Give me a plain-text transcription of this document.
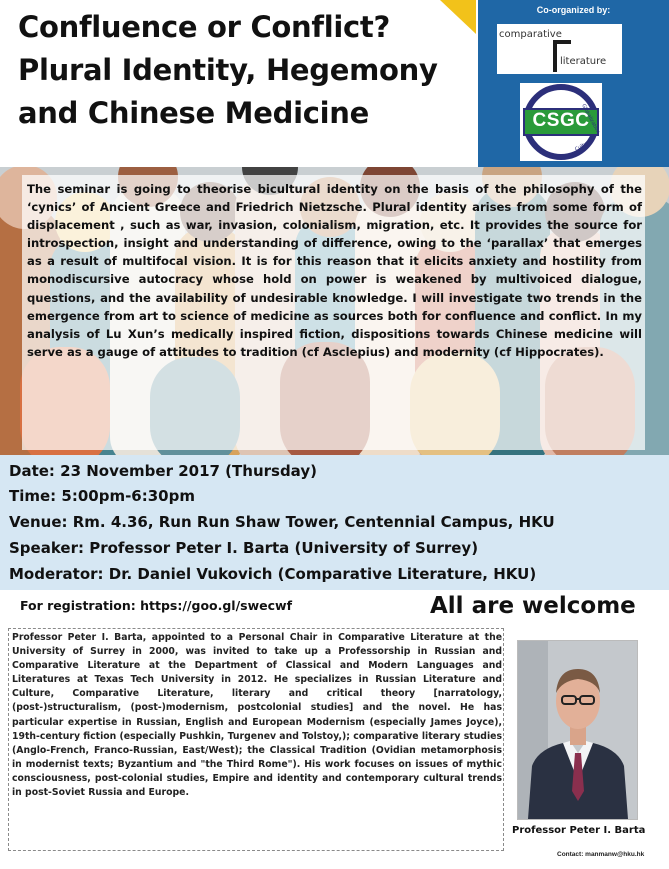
Confluence or Conflict?
Plural Identity, Hegemony
and Chinese Medicine
Co-organized by:
comparative
literature
Globalization
Cultures
CSGC
The seminar is going to theorise bicultural identity on the basis of the philosophy of the ‘cynics’ of Ancient Greece and Friedrich Nietzsche. Plural identity arises from some form of displacement , such as war, invasion, colonialism, migration, etc. It provides the source for introspection, insight and understanding of difference, owing to the ‘parallax’ that emerges as a result of multifocal vision. It is for this reason that it elicits anxiety and hostility from monodiscursive autocracy whose hold on power is weakened by multivoiced dialogue, questions, and the availability of undesirable knowledge. I will investigate two trends in the emergence from art to science of medicine as sources both for confluence and conflict. In my analysis of Lu Xun’s medically inspired fiction, dispositions towards Chinese medicine will serve as a gauge of attitudes to tradition (cf Asclepius) and modernity (cf Hippocrates).
Date: 23 November 2017 (Thursday)
Time: 5:00pm-6:30pm
Venue: Rm. 4.36, Run Run Shaw Tower, Centennial Campus, HKU
Speaker: Professor Peter I. Barta (University of Surrey)
Moderator: Dr. Daniel Vukovich (Comparative Literature, HKU)
For registration: https://goo.gl/swecwf	All are welcome
Professor Peter I. Barta, appointed to a Personal Chair in Comparative Literature at the University of Surrey in 2000, was invited to take up a Professorship in Russian and Comparative Literature at the Department of Classical and Modern Languages and Literatures at Texas Tech University in 2012. He specializes in Russian Literature and Culture, Comparative Literature, literary and critical theory [narratology, (post-)structuralism, (post-)modernism, postcolonial studies] and the novel. He has particular expertise in Russian, English and European Modernism (especially James Joyce), 19th-century fiction (especially Pushkin, Turgenev and Tolstoy,); comparative literary studies (Anglo-French, Franco-Russian, East/West); the Classical Tradition (Ovidian metamorphosis in modernist texts; Byzantium and "the Third Rome"). His work focuses on issues of mythic consciousness, post-colonial studies, Empire and identity and contemporary cultural trends in post-Soviet Russia and Europe.
Professor Peter I. Barta
Contact: manmanw@hku.hk
